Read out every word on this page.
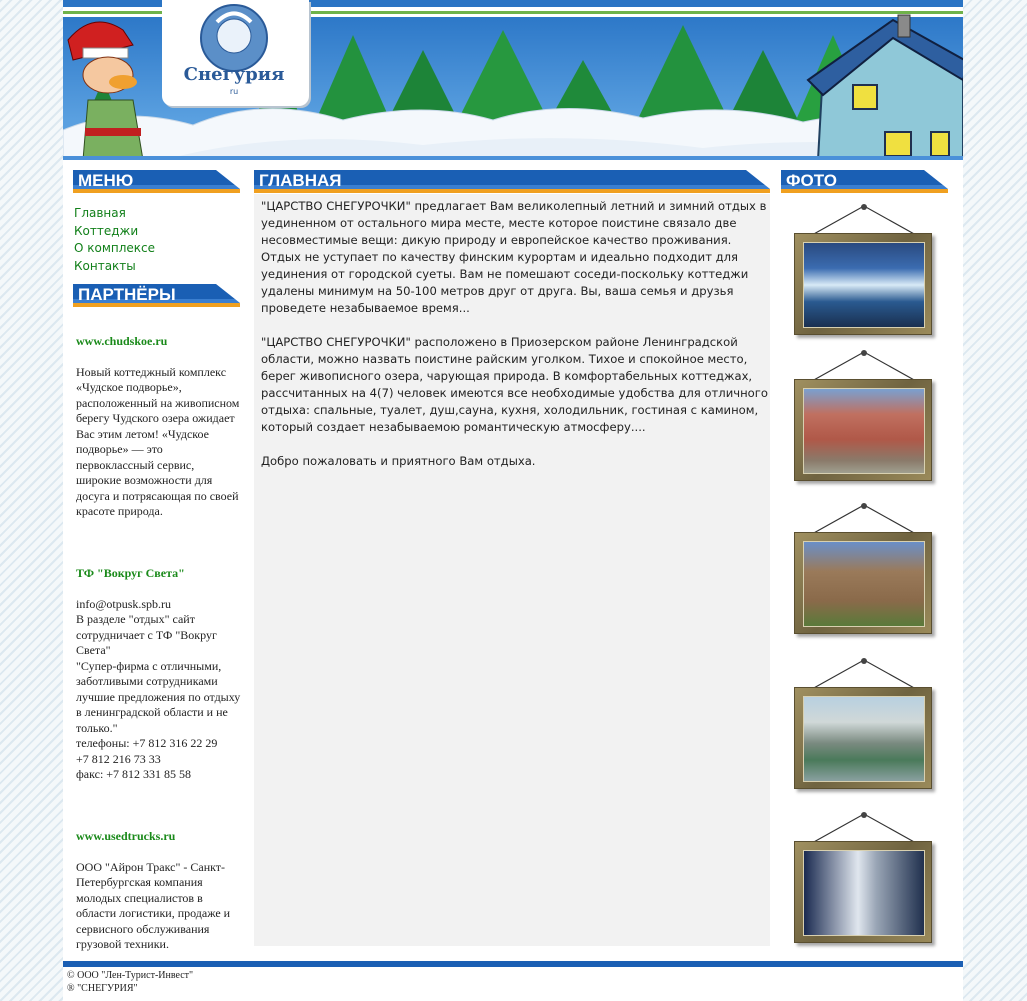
Снегурия
ru
МЕНЮ
Главная
Коттеджи
О комплексе
Контакты
ПАРТНЁРЫ

www.chudskoe.ru

Новый коттеджный комплекс «Чудское подворье», расположенный на живописном берегу Чудского озера ожидает Вас этим летом! «Чудское подворье» — это первоклассный сервис, широкие возможности для досуга и потрясающая по своей красоте природа.

ТФ "Вокруг Света"

info@otpusk.spb.ru
В разделе "отдых" сайт сотрудничает с ТФ "Вокруг Света"
"Супер-фирма с отличными, заботливыми сотрудниками лучшие предложения по отдыху в ленинградской области и не только."
телефоны: +7 812 316 22 29
+7 812 216 73 33
факс: +7 812 331 85 58

www.usedtrucks.ru

ООО "Айрон Тракс" - Санкт-Петербургская компания молодых специалистов в области логистики, продаже и сервисного обслуживания грузовой техники.

ГЛАВНАЯ

"ЦАРСТВО СНЕГУРОЧКИ" предлагает Вам великолепный летний и зимний отдых в уединенном от остального мира месте, месте которое поистине связало две несовместимые вещи: дикую природу и европейское качество проживания. Отдых не уступает по качеству финским курортам и идеально подходит для уединения от городской суеты. Вам не помешают соседи-поскольку коттеджи удалены минимум на 50-100 метров друг от друга. Вы, ваша семья и друзья проведете незабываемое время...

"ЦАРСТВО СНЕГУРОЧКИ" расположено в Приозерском районе Ленинградской области, можно назвать поистине райским уголком. Тихое и спокойное место, берег живописного озера, чарующая природа. В комфортабельных коттеджах, рассчитанных на 4(7) человек имеются все необходимые удобства для отличного отдыха: спальные, туалет, душ,сауна, кухня, холодильник, гостиная с камином, который создает незабываемою романтическую атмосферу....

Добро пожаловать и приятного Вам отдыха.

ФОТО
© ООО "Лен-Турист-Инвест"
® "СНЕГУРИЯ"
